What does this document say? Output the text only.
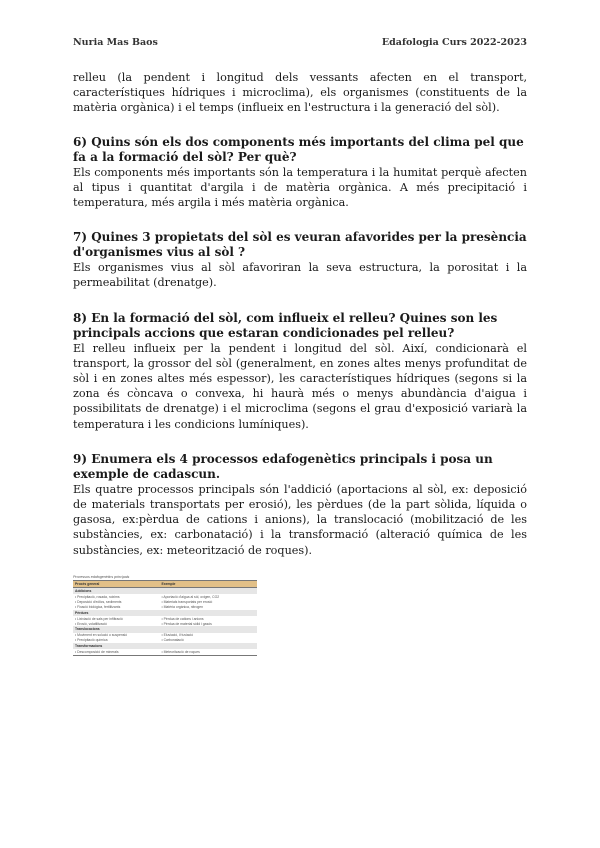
Nuria Mas Baos	Edafologia Curs 2022-2023

relleu (la pendent i longitud dels vessants afecten en el transport, característiques hídriques i microclima), els organismes (constituents de la matèria orgànica) i el temps (influeix en l'estructura i la generació del sòl).

6) Quins són els dos components més importants del clima pel que fa a la formació del sòl? Per què?

Els components més importants són la temperatura i la humitat perquè afecten al tipus i quantitat d'argila i de matèria orgànica. A més precipitació i temperatura, més argila i més matèria orgànica.

7) Quines 3 propietats del sòl es veuran afavorides per la presència d'organismes vius al sòl ?

Els organismes vius al sòl afavoriran la seva estructura, la porositat i la permeabilitat (drenatge).

8) En la formació del sòl, com influeix el relleu? Quines son les principals accions que estaran condicionades pel relleu?

El relleu influeix per la pendent i longitud del sòl. Així, condicionarà el transport, la grossor del sòl (generalment, en zones altes menys profunditat de sòl i en zones altes més espessor), les característiques hídriques (segons si la zona és còncava o convexa, hi haurà més o menys abundància d'aigua i possibilitats de drenatge) i el microclima (segons el grau d'exposició variarà la temperatura i les condicions lumíniques).

9) Enumera els 4 processos edafogenètics principals i posa un exemple de cadascun.

Els quatre processos principals són l'addició (aportacions al sòl, ex: deposició de materials transportats per erosió), les pèrdues (de la part sòlida, líquida o gasosa, ex:pèrdua de cations i anions), la translocació (mobilització de les substàncies, ex: carbonatació) i la transformació (alteració química de les substàncies, ex: meteorització de roques).

Processos edafogenètics principals
Procés general	Exemple
Addicions	
• Precipitació, rosada, ruixims	• Aportació d'aigua al sòl, oxigen, CO2
• Deposició d'eòlics, sediments	• Materials transportats per erosió
• Fixació biològica, fertilitzants	• Matèria orgànica, nitrogen
Pèrdues	
• Lixiviació de sals per infiltració	• Pèrdua de cations i anions
• Erosió, volatilització	• Pèrdua de material sòlid i gasós
Translocacions	
• Moviment en solució o suspensió	• Eluviació, il·luviació
• Precipitació química	• Carbonatació
Transformacions	
• Descomposició de minerals	• Meteorització de roques
